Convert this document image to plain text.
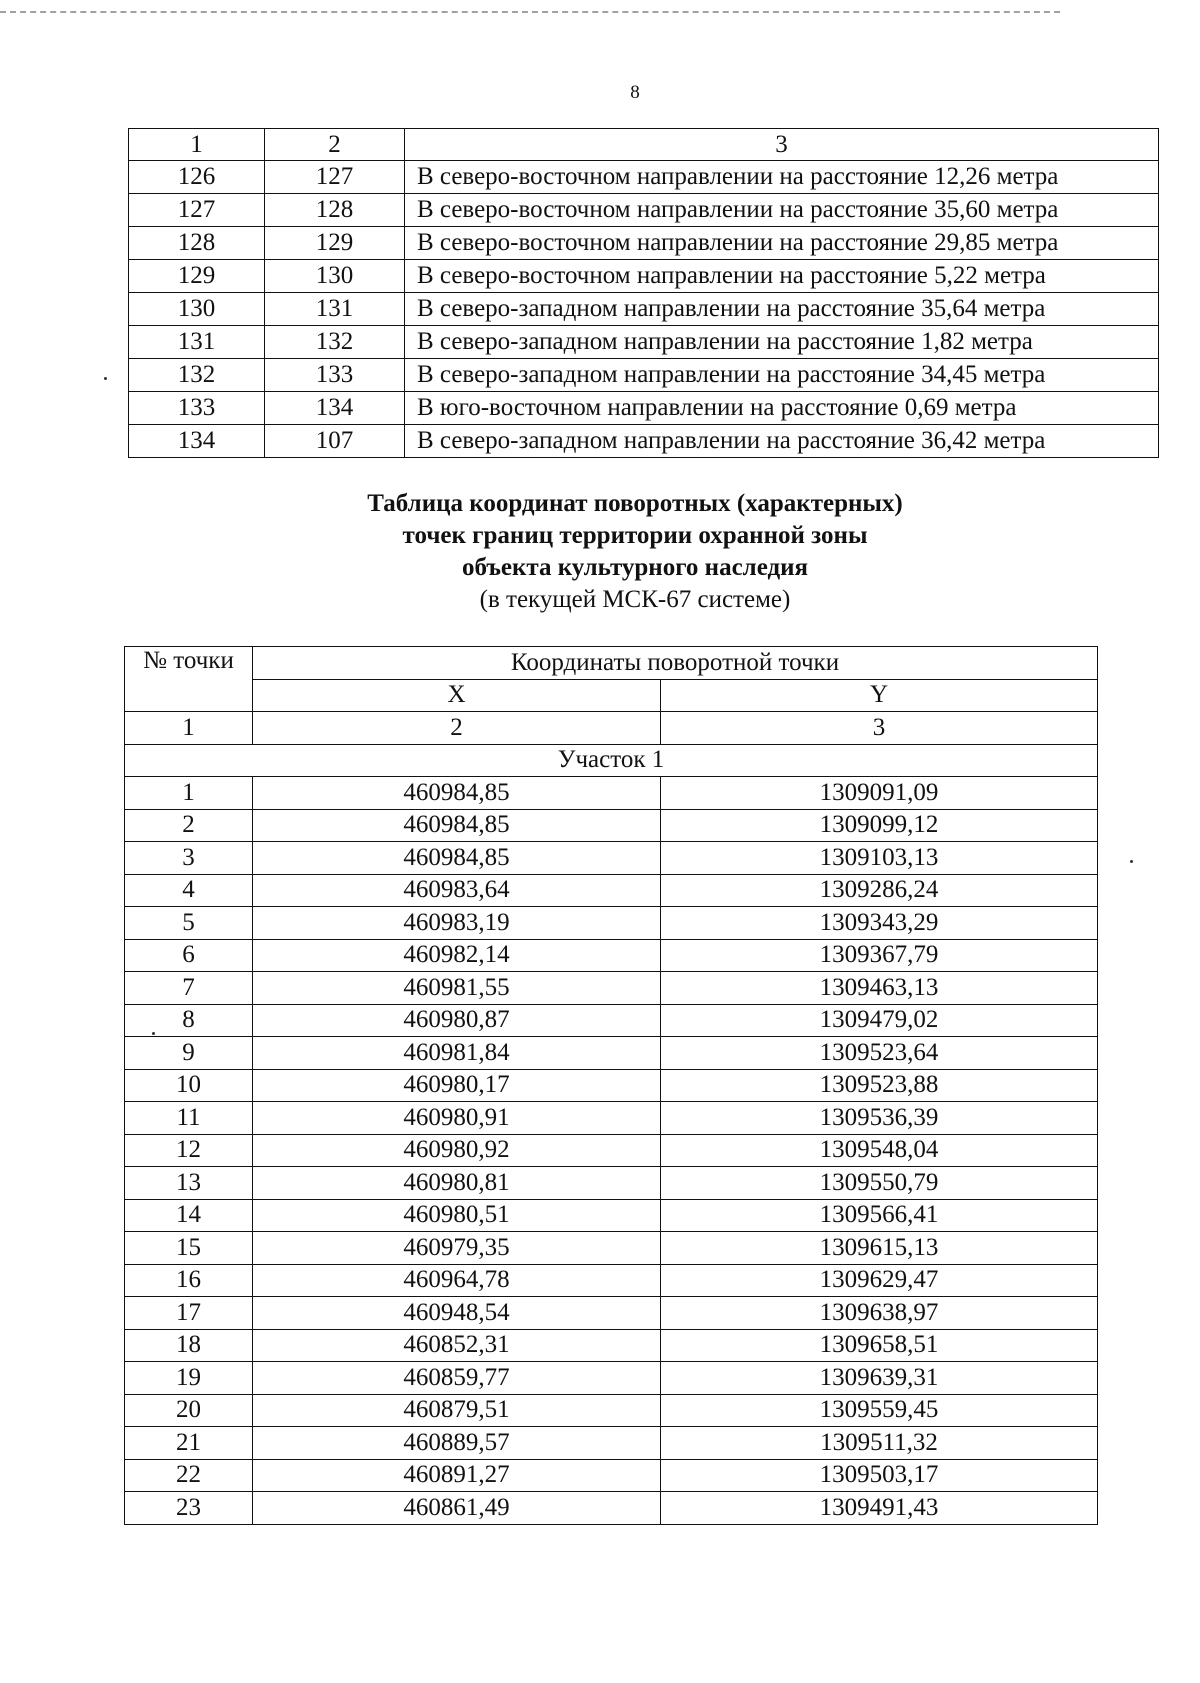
8
1	2	3
126	127	В северо-восточном направлении на расстояние 12,26 метра
127	128	В северо-восточном направлении на расстояние 35,60 метра
128	129	В северо-восточном направлении на расстояние 29,85 метра
129	130	В северо-восточном направлении на расстояние 5,22 метра
130	131	В северо-западном направлении на расстояние 35,64 метра
131	132	В северо-западном направлении на расстояние 1,82 метра
132	133	В северо-западном направлении на расстояние 34,45 метра
133	134	В юго-восточном направлении на расстояние 0,69 метра
134	107	В северо-западном направлении на расстояние 36,42 метра
Таблица координат поворотных (характерных)
точек границ территории охранной зоны
объекта культурного наследия
(в текущей МСК-67 системе)
№ точки	Координаты поворотной точки	
	X	Y
1	2	3
Участок 1		
1	460984,85	1309091,09
2	460984,85	1309099,12
3	460984,85	1309103,13
4	460983,64	1309286,24
5	460983,19	1309343,29
6	460982,14	1309367,79
7	460981,55	1309463,13
8	460980,87	1309479,02
9	460981,84	1309523,64
10	460980,17	1309523,88
11	460980,91	1309536,39
12	460980,92	1309548,04
13	460980,81	1309550,79
14	460980,51	1309566,41
15	460979,35	1309615,13
16	460964,78	1309629,47
17	460948,54	1309638,97
18	460852,31	1309658,51
19	460859,77	1309639,31
20	460879,51	1309559,45
21	460889,57	1309511,32
22	460891,27	1309503,17
23	460861,49	1309491,43
